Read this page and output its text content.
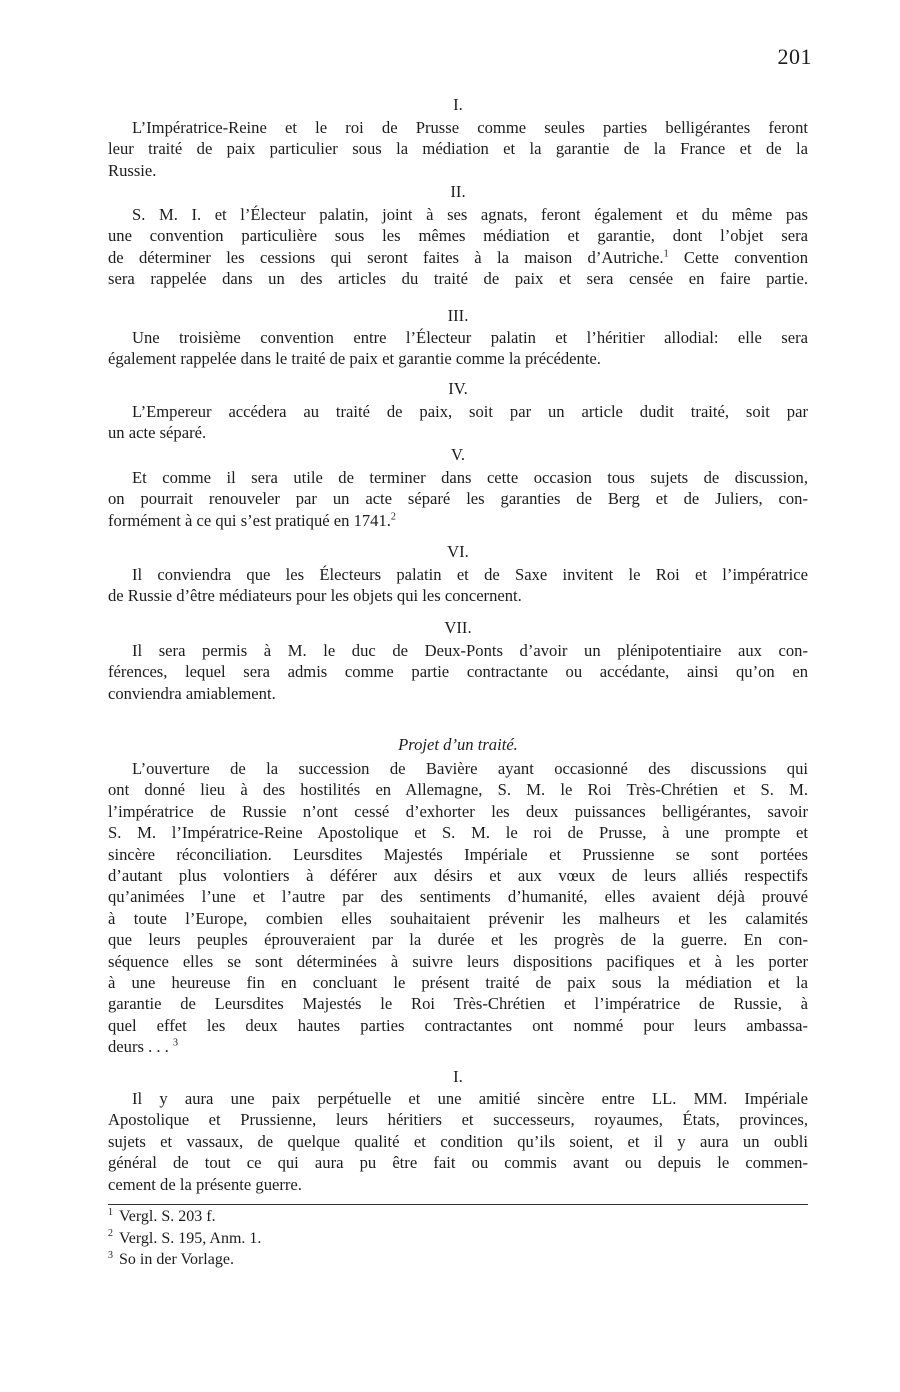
201
I.
L’Impératrice-Reine et le roi de Prusse comme seules parties belligérantes feront
leur traité de paix particulier sous la médiation et la garantie de la France et de la
Russie.
II.
S. M. I. et l’Électeur palatin, joint à ses agnats, feront également et du même pas
une convention particulière sous les mêmes médiation et garantie, dont l’objet sera
de déterminer les cessions qui seront faites à la maison d’Autriche.$^1$ Cette convention
sera rappelée dans un des articles du traité de paix et sera censée en faire partie.
III.
Une troisième convention entre l’Électeur palatin et l’héritier allodial: elle sera
également rappelée dans le traité de paix et garantie comme la précédente.
IV.
L’Empereur accédera au traité de paix, soit par un article dudit traité, soit par
un acte séparé.
V.
Et comme il sera utile de terminer dans cette occasion tous sujets de discussion,
on pourrait renouveler par un acte séparé les garanties de Berg et de Juliers, con-
formément à ce qui s’est pratiqué en 1741.$^2$
VI.
Il conviendra que les Électeurs palatin et de Saxe invitent le Roi et l’impératrice
de Russie d’être médiateurs pour les objets qui les concernent.
VII.
Il sera permis à M. le duc de Deux-Ponts d’avoir un plénipotentiaire aux con-
férences, lequel sera admis comme partie contractante ou accédante, ainsi qu’on en
conviendra amiablement.
Projet d’un traité.
L’ouverture de la succession de Bavière ayant occasionné des discussions qui
ont donné lieu à des hostilités en Allemagne, S. M. le Roi Très-Chrétien et S. M.
l’impératrice de Russie n’ont cessé d’exhorter les deux puissances belligérantes, savoir
S. M. l’Impératrice-Reine Apostolique et S. M. le roi de Prusse, à une prompte et
sincère réconciliation. Leursdites Majestés Impériale et Prussienne se sont portées
d’autant plus volontiers à déférer aux désirs et aux vœux de leurs alliés respectifs
qu’animées l’une et l’autre par des sentiments d’humanité, elles avaient déjà prouvé
à toute l’Europe, combien elles souhaitaient prévenir les malheurs et les calamités
que leurs peuples éprouveraient par la durée et les progrès de la guerre. En con-
séquence elles se sont déterminées à suivre leurs dispositions pacifiques et à les porter
à une heureuse fin en concluant le présent traité de paix sous la médiation et la
garantie de Leursdites Majestés le Roi Très-Chrétien et l’impératrice de Russie, à
quel effet les deux hautes parties contractantes ont nommé pour leurs ambassa-
deurs . . . $^3$
I.
Il y aura une paix perpétuelle et une amitié sincère entre LL. MM. Impériale
Apostolique et Prussienne, leurs héritiers et successeurs, royaumes, États, provinces,
sujets et vassaux, de quelque qualité et condition qu’ils soient, et il y aura un oubli
général de tout ce qui aura pu être fait ou commis avant ou depuis le commen-
cement de la présente guerre.
$^1$ Vergl. S. 203 f.
$^2$ Vergl. S. 195, Anm. 1.
$^3$ So in der Vorlage.
